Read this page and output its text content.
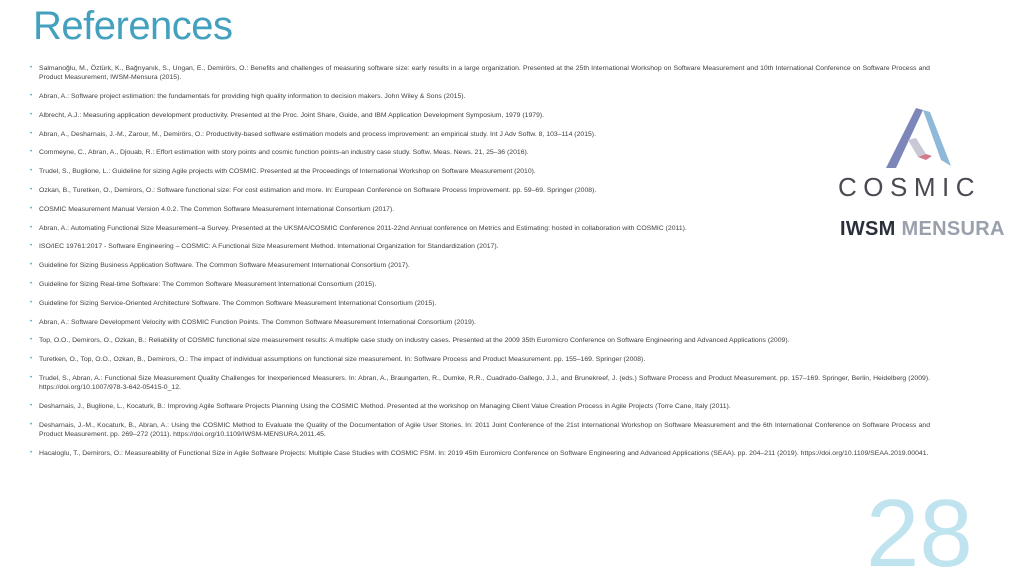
References
• Salmanoğlu, M., Öztürk, K., Bağrıyanık, S., Ungan, E., Demirörs, O.: Benefits and challenges of measuring software size: early results in a large organization. Presented at the 25th International Workshop on Software Measurement and 10th International Conference on Software Process and Product Measurement, IWSM-Mensura (2015).
• Abran, A.: Software project estimation: the fundamentals for providing high quality information to decision makers. John Wiley & Sons (2015).
• Albrecht, A.J.: Measuring application development productivity. Presented at the Proc. Joint Share, Guide, and IBM Application Development Symposium, 1979 (1979).
• Abran, A., Desharnais, J.-M., Zarour, M., Demirörs, O.: Productivity-based software estimation models and process improvement: an empirical study. Int J Adv Softw. 8, 103–114 (2015).
• Commeyne, C., Abran, A., Djouab, R.: Effort estimation with story points and cosmic function points-an industry case study. Softw. Meas. News. 21, 25–36 (2016).
• Trudel, S., Buglione, L.: Guideline for sizing Agile projects with COSMIC. Presented at the Proceedings of International Workshop on Software Measurement (2010).
• Ozkan, B., Turetken, O., Demirors, O.: Software functional size: For cost estimation and more. In: European Conference on Software Process Improvement. pp. 59–69. Springer (2008).
• COSMIC Measurement Manual Version 4.0.2. The Common Software Measurement International Consortium (2017).
• Abran, A.: Automating Functional Size Measurement–a Survey. Presented at the UKSMA/COSMIC Conference 2011-22nd Annual conference on Metrics and Estimating: hosted in collaboration with COSMIC (2011).
• ISO/IEC 19761:2017 - Software Engineering – COSMIC: A Functional Size Measurement Method. International Organization for Standardization (2017).
• Guideline for Sizing Business Application Software. The Common Software Measurement International Consortium (2017).
• Guideline for Sizing Real-time Software: The Common Software Measurement International Consortium (2015).
• Guideline for Sizing Service-Oriented Architecture Software. The Common Software Measurement International Consortium (2015).
• Abran, A.: Software Development Velocity with COSMIC Function Points. The Common Software Measurement International Consortium (2019).
• Top, O.O., Demirors, O., Ozkan, B.: Reliability of COSMIC functional size measurement results: A multiple case study on industry cases. Presented at the 2009 35th Euromicro Conference on Software Engineering and Advanced Applications (2009).
• Turetken, O., Top, O.O., Ozkan, B., Demirors, O.: The impact of individual assumptions on functional size measurement. In: Software Process and Product Measurement. pp. 155–169. Springer (2008).
• Trudel, S., Abran, A.: Functional Size Measurement Quality Challenges for Inexperienced Measurers. In: Abran, A., Braungarten, R., Dumke, R.R., Cuadrado-Gallego, J.J., and Brunekreef, J. (eds.) Software Process and Product Measurement. pp. 157–169. Springer, Berlin, Heidelberg (2009). https://doi.org/10.1007/978-3-642-05415-0_12.
• Desharnais, J., Buglione, L., Kocaturk, B.: Improving Agile Software Projects Planning Using the COSMIC Method. Presented at the workshop on Managing Client Value Creation Process in Agile Projects (Torre Cane, Italy (2011).
• Desharnais, J.-M., Kocaturk, B., Abran, A.: Using the COSMIC Method to Evaluate the Quality of the Documentation of Agile User Stories. In: 2011 Joint Conference of the 21st International Workshop on Software Measurement and the 6th International Conference on Software Process and Product Measurement. pp. 269–272 (2011). https://doi.org/10.1109/IWSM-MENSURA.2011.45.
• Hacaloglu, T., Demirors, O.: Measureability of Functional Size in Agile Software Projects: Multiple Case Studies with COSMIC FSM. In: 2019 45th Euromicro Conference on Software Engineering and Advanced Applications (SEAA). pp. 204–211 (2019). https://doi.org/10.1109/SEAA.2019.00041.
COSMIC
IWSM MENSURA
28
